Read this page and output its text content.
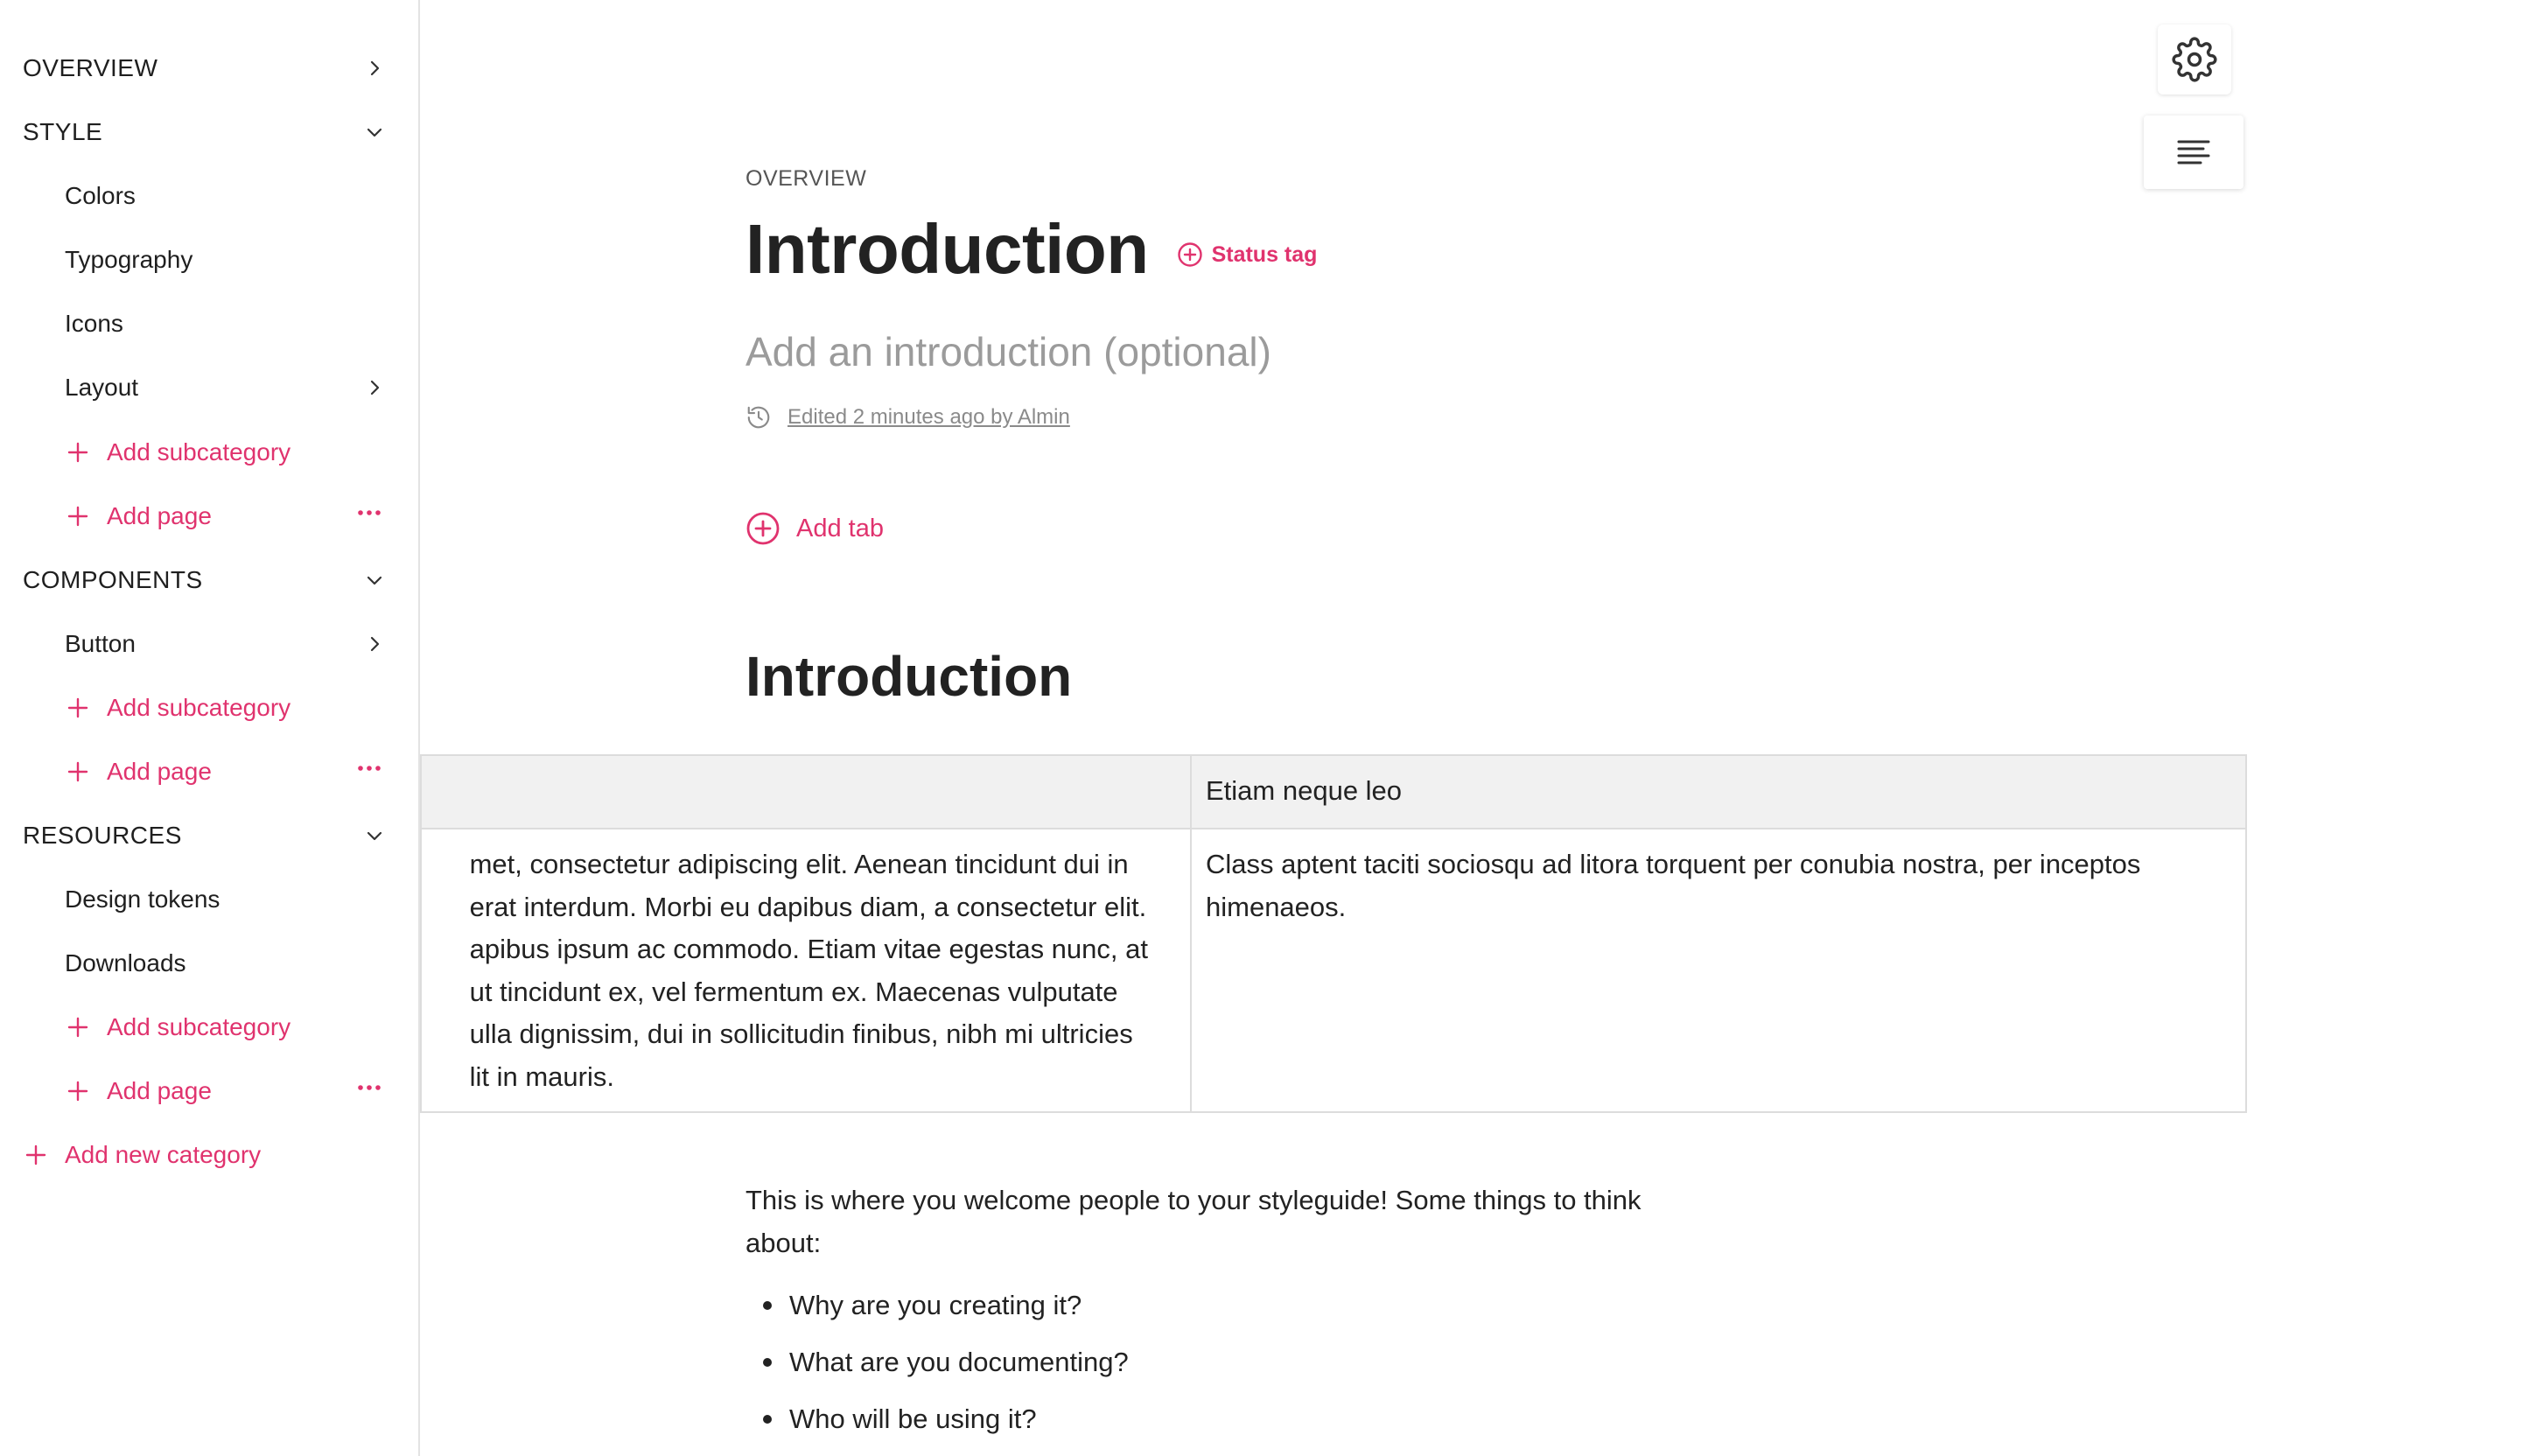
OVERVIEW
Introduction	Status tag
Add an introduction (optional)
Edited 2 minutes ago by Almin
Add tab
Introduction
Etiam neque leo
met, consectetur adipiscing elit. Aenean tincidunt dui in
erat interdum. Morbi eu dapibus diam, a consectetur elit.
apibus ipsum ac commodo. Etiam vitae egestas nunc, at
ut tincidunt ex, vel fermentum ex. Maecenas vulputate
ulla dignissim, dui in sollicitudin finibus, nibh mi ultricies
lit in mauris.
Class aptent taciti sociosqu ad litora torquent per conubia nostra, per inceptos
himenaeos.
This is where you welcome people to your styleguide! Some things to think
about:
Why are you creating it?
What are you documenting?
Who will be using it?
OVERVIEW
STYLE
Colors
Typography
Icons
Layout
Add subcategory
Add page
COMPONENTS
Button
Add subcategory
Add page
RESOURCES
Design tokens
Downloads
Add subcategory
Add page
Add new category
